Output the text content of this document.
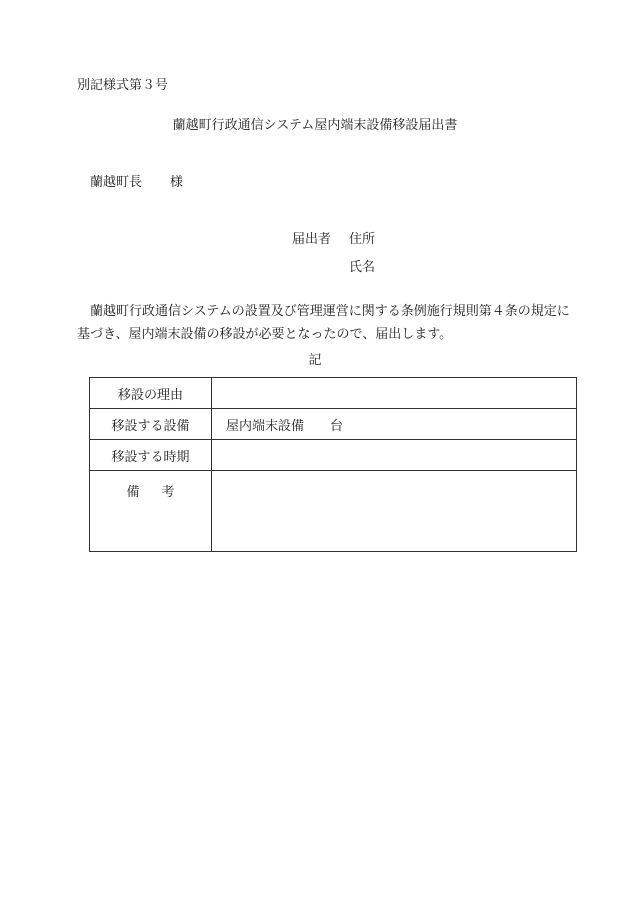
別記様式第３号
蘭越町行政通信システム屋内端末設備移設届出書
蘭越町長 様
届出者 住所
氏名
蘭越町行政通信システムの設置及び管理運営に関する条例施行規則第４条の規定に基づき、屋内端末設備の移設が必要となったので、届出します。
記
移設の理由	
移設する設備	屋内端末設備 台
移設する時期	
備 考	
